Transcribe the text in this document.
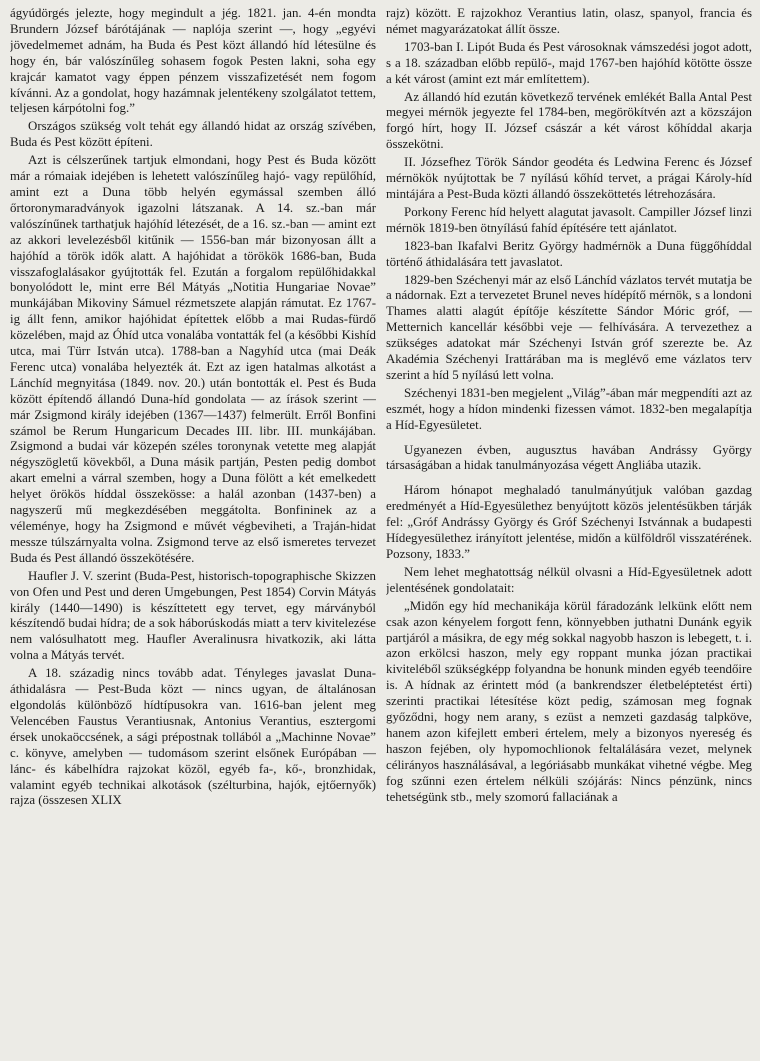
ágyúdörgés jelezte, hogy megindult a jég. 1821. jan. 4-én mondta Brundern József bárótájának — naplója szerint —, hogy „egyévi jövedelmemet adnám, ha Buda és Pest közt állandó híd létesülne és hogy én, bár valószínűleg sohasem fogok Pesten lakni, soha egy krajcár kamatot vagy éppen pénzem visszafizetését nem fogom kívánni. Az a gondolat, hogy hazámnak jelentékeny szolgálatot tettem, teljesen kárpótolni fog.”

Országos szükség volt tehát egy állandó hidat az ország szívében, Buda és Pest között építeni.

Azt is célszerűnek tartjuk elmondani, hogy Pest és Buda között már a rómaiak idejében is lehetett valószínűleg hajó- vagy repülőhíd, amint ezt a Duna több helyén egymással szemben álló őrtoronymaradványok igazolni látszanak. A 14. sz.-ban már valószínűnek tarthatjuk hajóhíd létezését, de a 16. sz.-ban — amint ezt az akkori levelezésből kitűnik — 1556-ban már bizonyosan állt a hajóhíd a török idők alatt. A hajóhidat a törökök 1686-ban, Buda visszafoglalásakor gyújtották fel. Ezután a forgalom repülőhidakkal bonyolódott le, mint erre Bél Mátyás „Notitia Hungariae Novae” munkájában Mikoviny Sámuel rézmetszete alapján rámutat. Ez 1767-ig állt fenn, amikor hajóhidat építettek előbb a mai Rudas-fürdő közelében, majd az Óhíd utca vonalába vontatták fel (a későbbi Kishíd utca, mai Türr István utca). 1788-ban a Nagyhíd utca (mai Deák Ferenc utca) vonalába helyezték át. Ezt az igen hatalmas alkotást a Lánchíd megnyitása (1849. nov. 20.) után bontották el. Pest és Buda között építendő állandó Duna-híd gondolata — az írások szerint — már Zsigmond király idejében (1367—1437) felmerült. Erről Bonfini számol be Rerum Hungaricum Decades III. libr. III. munkájában. Zsigmond a budai vár közepén széles toronynak vetette meg alapját négyszögletű kövekből, a Duna másik partján, Pesten pedig dombot akart emelni a várral szemben, hogy a Duna fölött a két emelkedett helyet örökös híddal összekösse: a halál azonban (1437-ben) a nagyszerű mű megkezdésében meggátolta. Bonfininek az a véleménye, hogy ha Zsigmond e művét végbeviheti, a Traján-hidat messze túlszárnyalta volna. Zsigmond terve az első ismeretes tervezet Buda és Pest állandó összekötésére.

Haufler J. V. szerint (Buda-Pest, historisch-topographische Skizzen von Ofen und Pest und deren Umgebungen, Pest 1854) Corvin Mátyás király (1440—1490) is készíttetett egy tervet, egy márványból készítendő budai hídra; de a sok háborúskodás miatt a terv kivitelezése nem valósulhatott meg. Haufler Averalinusra hivatkozik, aki látta volna a Mátyás tervét.

A 18. századig nincs tovább adat. Tényleges javaslat Duna-áthidalásra — Pest-Buda közt — nincs ugyan, de általánosan elgondolás különböző hídtípusokra van. 1616-ban jelent meg Velencében Faustus Verantiusnak, Antonius Verantius, esztergomi érsek unokaöccsének, a sági prépostnak tollából a „Machinne Novae” c. könyve, amelyben — tudomásom szerint elsőnek Európában — lánc- és kábelhídra rajzokat közöl, egyéb fa-, kő-, bronzhidak, valamint egyéb technikai alkotások (szélturbina, hajók, ejtőernyők) rajza (összesen XLIX

rajz) között. E rajzokhoz Verantius latin, olasz, spanyol, francia és német magyarázatokat állít össze.

1703-ban I. Lipót Buda és Pest városoknak vámszedési jogot adott, s a 18. században előbb repülő-, majd 1767-ben hajóhíd kötötte össze a két várost (amint ezt már említettem).

Az állandó híd ezután következő tervének emlékét Balla Antal Pest megyei mérnök jegyezte fel 1784-ben, megörökítvén azt a közszájon forgó hírt, hogy II. József császár a két várost kőhíddal akarja összekötni.

II. Józsefhez Török Sándor geodéta és Ledwina Ferenc és József mérnökök nyújtottak be 7 nyílású kőhíd tervet, a prágai Károly-híd mintájára a Pest-Buda közti állandó összeköttetés létrehozására.

Porkony Ferenc híd helyett alagutat javasolt. Campiller József linzi mérnök 1819-ben ötnyílású fahíd építésére tett ajánlatot.

1823-ban Ikafalvi Beritz György hadmérnök a Duna függőhíddal történő áthidalására tett javaslatot.

1829-ben Széchenyi már az első Lánchíd vázlatos tervét mutatja be a nádornak. Ezt a tervezetet Brunel neves hídépítő mérnök, s a londoni Thames alatti alagút építője készítette Sándor Móric gróf, — Metternich kancellár későbbi veje — felhívására. A tervezethez a szükséges adatokat már Széchenyi István gróf szerezte be. Az Akadémia Széchenyi Irattárában ma is meglévő eme vázlatos terv szerint a híd 5 nyílású lett volna.

Széchenyi 1831-ben megjelent „Világ”-ában már megpendíti azt az eszmét, hogy a hídon mindenki fizessen vámot. 1832-ben megalapítja a Híd-Egyesületet.

Ugyanezen évben, augusztus havában Andrássy György társaságában a hidak tanulmányozása végett Angliába utazik.

Három hónapot meghaladó tanulmányútjuk valóban gazdag eredményét a Híd-Egyesülethez benyújtott közös jelentésükben tárják fel: „Gróf Andrássy György és Gróf Széchenyi Istvánnak a budapesti Hídegyesülethez irányított jelentése, midőn a külföldről visszatérének. Pozsony, 1833.”

Nem lehet meghatottság nélkül olvasni a Híd-Egyesületnek adott jelentésének gondolatait:

„Midőn egy híd mechanikája körül fáradozánk lelkünk előtt nem csak azon kényelem forgott fenn, könnyebben juthatni Dunánk egyik partjáról a másikra, de egy még sokkal nagyobb haszon is lebegett, t. i. azon erkölcsi haszon, mely egy roppant munka józan practikai kiviteléből szükségképp folyandna be honunk minden egyéb teendőire is. A hídnak az érintett mód (a bankrendszer életbeléptetést érti) szerinti practikai létesítése közt pedig, számosan meg fognak győződni, hogy nem arany, s ezüst a nemzeti gazdaság talpköve, hanem azon kifejlett emberi értelem, mely a bizonyos nyereség és haszon fejében, oly hypomochlionok feltalálására vezet, melynek célirányos használásával, a legóriásabb munkákat vihetné végbe. Meg fog szűnni ezen értelem nélküli szójárás: Nincs pénzünk, nincs tehetségünk stb., mely szomorú fallaciának a
